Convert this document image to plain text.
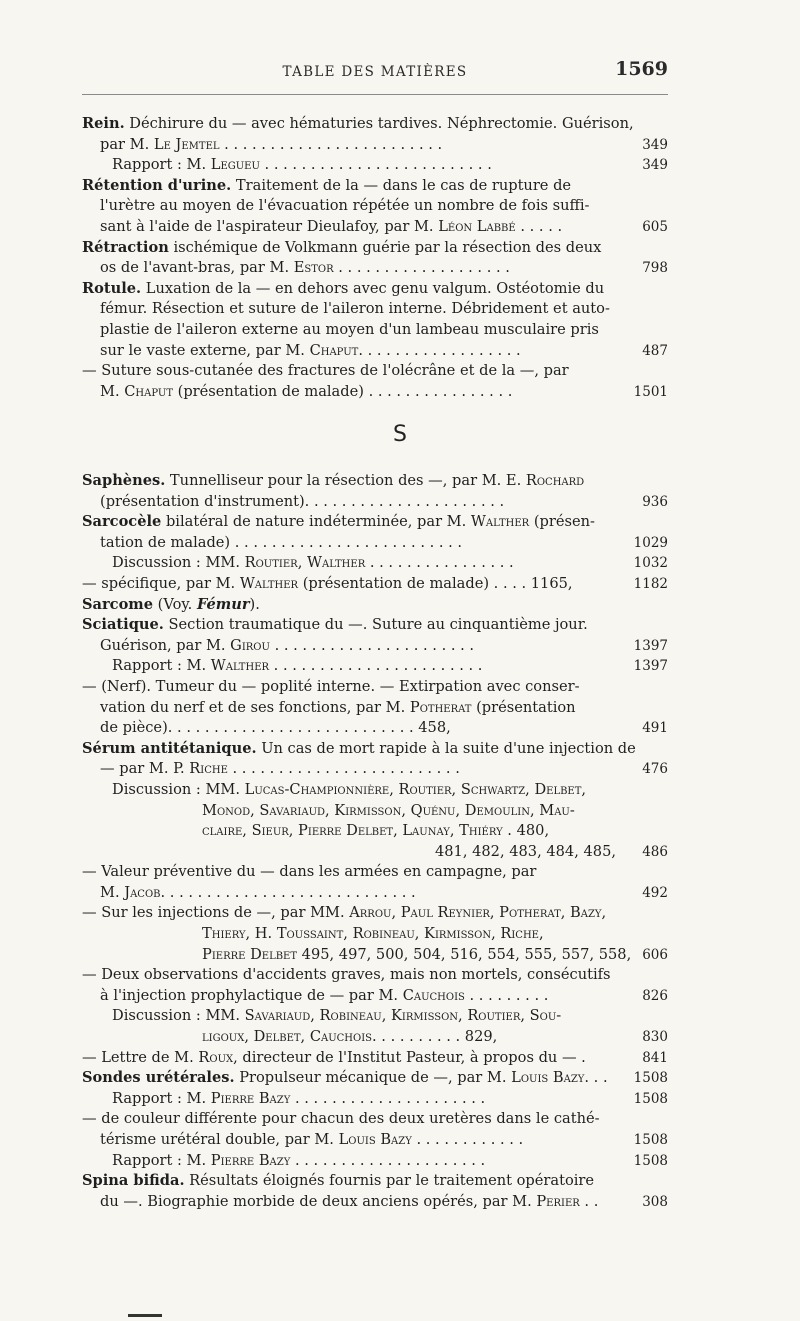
TABLE DES MATIÈRES	1569
Rein. Déchirure du — avec hématuries tardives. Néphrectomie. Guérison,
par M. Le Jemtel . . . . . . . . . . . . . . . . . . . . . . . .	349
Rapport : M. Legueu . . . . . . . . . . . . . . . . . . . . . . . . .	349
Rétention d'urine. Traitement de la — dans le cas de rupture de
l'urètre au moyen de l'évacuation répétée un nombre de fois suffi-
sant à l'aide de l'aspirateur Dieulafoy, par M. Léon Labbé . . . . .	605
Rétraction ischémique de Volkmann guérie par la résection des deux
os de l'avant-bras, par M. Estor . . . . . . . . . . . . . . . . . . .	798
Rotule. Luxation de la — en dehors avec genu valgum. Ostéotomie du
fémur. Résection et suture de l'aileron interne. Débridement et auto-
plastie de l'aileron externe au moyen d'un lambeau musculaire pris
sur le vaste externe, par M. Chaput. . . . . . . . . . . . . . . . . .	487
— Suture sous-cutanée des fractures de l'olécrâne et de la —, par
M. Chaput (présentation de malade) . . . . . . . . . . . . . . . .	1501
S
Saphènes. Tunnelliseur pour la résection des —, par M. E. Rochard
(présentation d'instrument). . . . . . . . . . . . . . . . . . . . . .	936
Sarcocèle bilatéral de nature indéterminée, par M. Walther (présen-
tation de malade) . . . . . . . . . . . . . . . . . . . . . . . . .	1029
Discussion : MM. Routier, Walther . . . . . . . . . . . . . . . .	1032
— spécifique, par M. Walther (présentation de malade) . . . . 1165,	1182
Sarcome (Voy. Fémur).
Sciatique. Section traumatique du —. Suture au cinquantième jour.
Guérison, par M. Girou . . . . . . . . . . . . . . . . . . . . . .	1397
Rapport : M. Walther . . . . . . . . . . . . . . . . . . . . . . .	1397
— (Nerf). Tumeur du — poplité interne. — Extirpation avec conser-
vation du nerf et de ses fonctions, par M. Potherat (présentation
de pièce). . . . . . . . . . . . . . . . . . . . . . . . . . . 458,	491
Sérum antitétanique. Un cas de mort rapide à la suite d'une injection de
— par M. P. Riche . . . . . . . . . . . . . . . . . . . . . . . . .	476
Discussion : MM. Lucas-Championnière, Routier, Schwartz, Delbet,
Monod, Savariaud, Kirmisson, Quénu, Demoulin, Mau-
claire, Sieur, Pierre Delbet, Launay, Thiéry . 480,
481, 482, 483, 484, 485,	486
— Valeur préventive du — dans les armées en campagne, par
M. Jacob. . . . . . . . . . . . . . . . . . . . . . . . . . . .	492
— Sur les injections de —, par MM. Arrou, Paul Reynier, Potherat, Bazy,
Thiery, H. Toussaint, Robineau, Kirmisson, Riche,
Pierre Delbet 495, 497, 500, 504, 516, 554, 555, 557, 558, 606
— Deux observations d'accidents graves, mais non mortels, consécutifs
à l'injection prophylactique de — par M. Cauchois . . . . . . . . .	826
Discussion : MM. Savariaud, Robineau, Kirmisson, Routier, Sou-
ligoux, Delbet, Cauchois. . . . . . . . . . 829,	830
— Lettre de M. Roux, directeur de l'Institut Pasteur, à propos du — .	841
Sondes urétérales. Propulseur mécanique de —, par M. Louis Bazy. . .	1508
Rapport : M. Pierre Bazy . . . . . . . . . . . . . . . . . . . . .	1508
— de couleur différente pour chacun des deux uretères dans le cathé-
térisme urétéral double, par M. Louis Bazy . . . . . . . . . . . .	1508
Rapport : M. Pierre Bazy . . . . . . . . . . . . . . . . . . . . .	1508
Spina bifida. Résultats éloignés fournis par le traitement opératoire
du —. Biographie morbide de deux anciens opérés, par M. Perier . .	308
